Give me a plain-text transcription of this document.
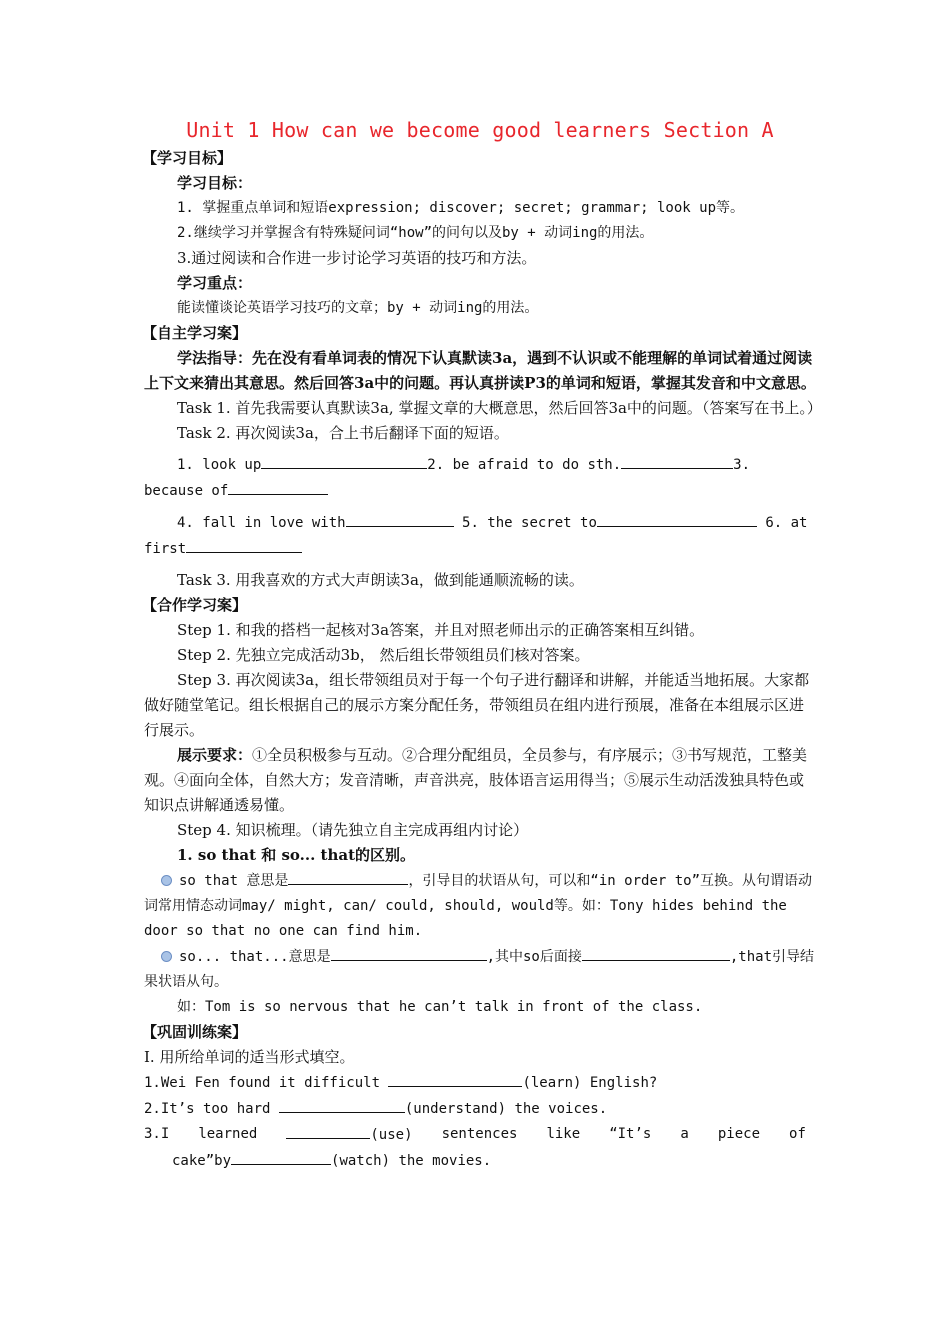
Unit 1 How can we become good learners Section A
【学习目标】
学习目标：
1. 掌握重点单词和短语expression; discover; secret; grammar; look up等。
2.继续学习并掌握含有特殊疑问词“how”的问句以及by + 动词ing的用法。
3.通过阅读和合作进一步讨论学习英语的技巧和方法。
学习重点：
能读懂谈论英语学习技巧的文章；by + 动词ing的用法。
【自主学习案】
学法指导：先在没有看单词表的情况下认真默读3a，遇到不认识或不能理解的单词试着通过阅读上下文来猜出其意思。然后回答3a中的问题。再认真拼读P3的单词和短语，掌握其发音和中文意思。
Task 1. 首先我需要认真默读3a, 掌握文章的大概意思，然后回答3a中的问题。（答案写在书上。）
Task 2. 再次阅读3a，合上书后翻译下面的短语。
1. look up	2. be afraid to do sth.	3.
because of
4. fall in love with	5. the secret to	6. at
first
Task 3. 用我喜欢的方式大声朗读3a，做到能通顺流畅的读。
【合作学习案】
Step 1. 和我的搭档一起核对3a答案，并且对照老师出示的正确答案相互纠错。
Step 2. 先独立完成活动3b， 然后组长带领组员们核对答案。
Step 3. 再次阅读3a，组长带领组员对于每一个句子进行翻译和讲解，并能适当地拓展。大家都做好随堂笔记。组长根据自己的展示方案分配任务，带领组员在组内进行预展，准备在本组展示区进行展示。
展示要求：①全员积极参与互动。②合理分配组员，全员参与，有序展示；③书写规范，工整美观。④面向全体，自然大方；发音清晰，声音洪亮，肢体语言运用得当；⑤展示生动活泼独具特色或知识点讲解通透易懂。
Step 4. 知识梳理。（请先独立自主完成再组内讨论）
1. so that 和 so... that的区别。
so that 意思是	，引导目的状语从句，可以和“in order to”互换。从句谓语动词常用情态动词may/ might, can/ could, should, would等。如：Tony hides behind the door so that no one can find him.
so... that...意思是	,其中so后面接	,that引导结果状语从句。
如：Tom is so nervous that he can’t talk in front of the class.
【巩固训练案】
I. 用所给单词的适当形式填空。
1.Wei Fen found it difficult	(learn) English?
2.It’s too hard	(understand) the voices.
3.I learned	(use) sentences like “It’s a piece of
cake”by	(watch) the movies.
